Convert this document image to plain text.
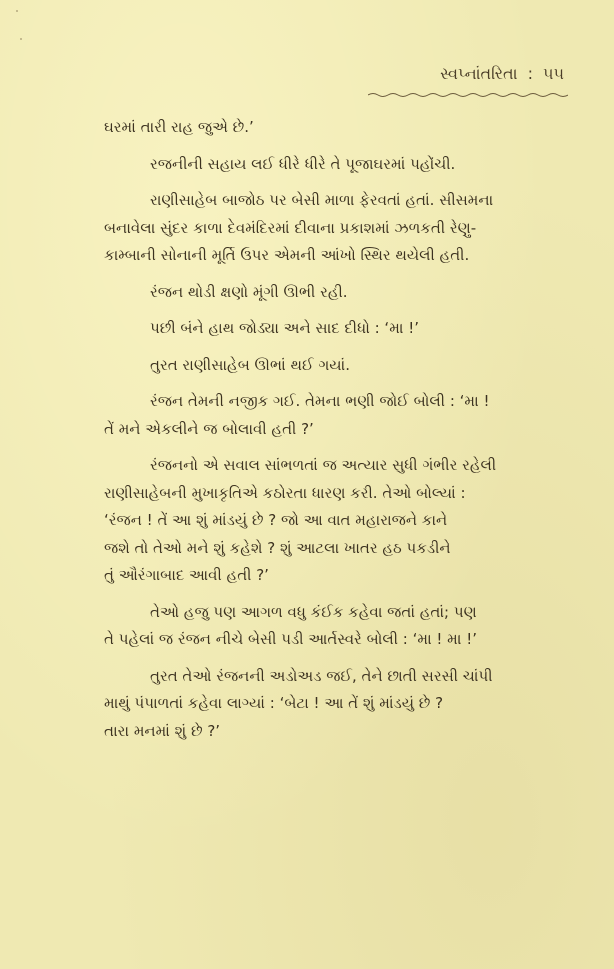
સ્વપ્નાંતરિતા : ૫૫
ઘરમાં તારી રાહ જુએ છે.’
રજનીની સહાય લઈ ધીરે ધીરે તે પૂજાઘરમાં પહોંચી.
રાણીસાહેબ બાજોઠ પર બેસી માળા ફેરવતાં હતાં. સીસમના
બનાવેલા સુંદર કાળા દેવમંદિરમાં દીવાના પ્રકાશમાં ઝળકતી રેણુ-
કામ્બાની સોનાની મૂર્તિ ઉપર એમની આંખો સ્થિર થયેલી હતી.
રંજન થોડી ક્ષણો મૂંગી ઊભી રહી.
પછી બંને હાથ જોડ્યા અને સાદ દીધો : ‘મા !’
તુરત રાણીસાહેબ ઊભાં થઈ ગયાં.
રંજન તેમની નજીક ગઈ. તેમના ભણી જોઈ બોલી : ‘મા !
તેં મને એકલીને જ બોલાવી હતી ?’
રંજનનો એ સવાલ સાંભળતાં જ અત્યાર સુધી ગંભીર રહેલી
રાણીસાહેબની મુખાકૃતિએ કઠોરતા ધારણ કરી. તેઓ બોલ્યાં :
‘રંજન ! તેં આ શું માંડયું છે ? જો આ વાત મહારાજને કાને
જશે તો તેઓ મને શું કહેશે ? શું આટલા ખાતર હઠ પકડીને
તું ઔરંગાબાદ આવી હતી ?’
તેઓ હજુ પણ આગળ વધુ કંઈક કહેવા જતાં હતાં; પણ
તે પહેલાં જ રંજન નીચે બેસી પડી આર્તસ્વરે બોલી : ‘મા ! મા !’
તુરત તેઓ રંજનની અડોઅડ જઈ, તેને છાતી સરસી ચાંપી
માથું પંપાળતાં કહેવા લાગ્યાં : ‘બેટા ! આ તેં શું માંડયું છે ?
તારા મનમાં શું છે ?’
